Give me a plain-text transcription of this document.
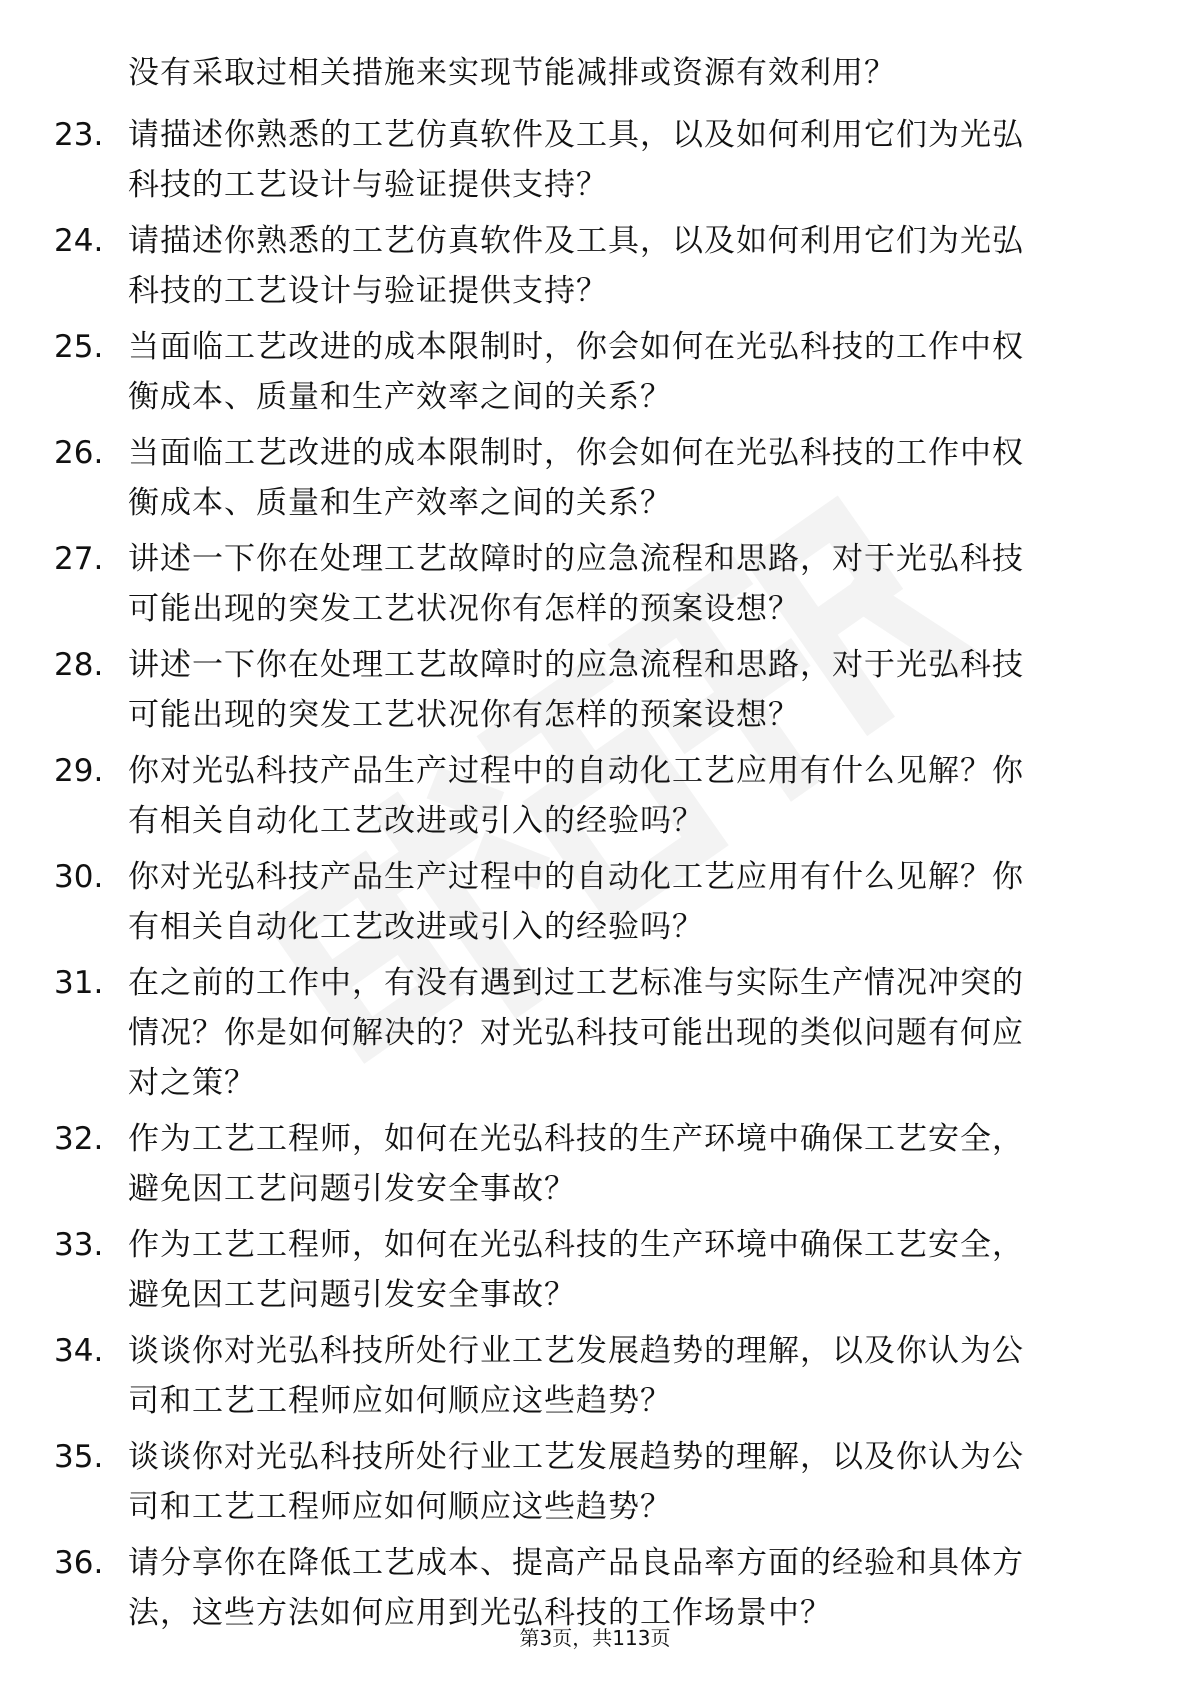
没有采取过相关措施来实现节能减排或资源有效利用？
23. 请描述你熟悉的工艺仿真软件及工具，以及如何利用它们为光弘
科技的工艺设计与验证提供支持？
24. 请描述你熟悉的工艺仿真软件及工具，以及如何利用它们为光弘
科技的工艺设计与验证提供支持？
25. 当面临工艺改进的成本限制时，你会如何在光弘科技的工作中权
衡成本、质量和生产效率之间的关系？
26. 当面临工艺改进的成本限制时，你会如何在光弘科技的工作中权
衡成本、质量和生产效率之间的关系？
27. 讲述一下你在处理工艺故障时的应急流程和思路，对于光弘科技
可能出现的突发工艺状况你有怎样的预案设想？
28. 讲述一下你在处理工艺故障时的应急流程和思路，对于光弘科技
可能出现的突发工艺状况你有怎样的预案设想？
29. 你对光弘科技产品生产过程中的自动化工艺应用有什么见解？你
有相关自动化工艺改进或引入的经验吗？
30. 你对光弘科技产品生产过程中的自动化工艺应用有什么见解？你
有相关自动化工艺改进或引入的经验吗？
31. 在之前的工作中，有没有遇到过工艺标准与实际生产情况冲突的
情况？你是如何解决的？对光弘科技可能出现的类似问题有何应
对之策？
32. 作为工艺工程师，如何在光弘科技的生产环境中确保工艺安全，
避免因工艺问题引发安全事故？
33. 作为工艺工程师，如何在光弘科技的生产环境中确保工艺安全，
避免因工艺问题引发安全事故？
34. 谈谈你对光弘科技所处行业工艺发展趋势的理解，以及你认为公
司和工艺工程师应如何顺应这些趋势？
35. 谈谈你对光弘科技所处行业工艺发展趋势的理解，以及你认为公
司和工艺工程师应如何顺应这些趋势？
36. 请分享你在降低工艺成本、提高产品良品率方面的经验和具体方
法，这些方法如何应用到光弘科技的工作场景中？
第3页，共113页
